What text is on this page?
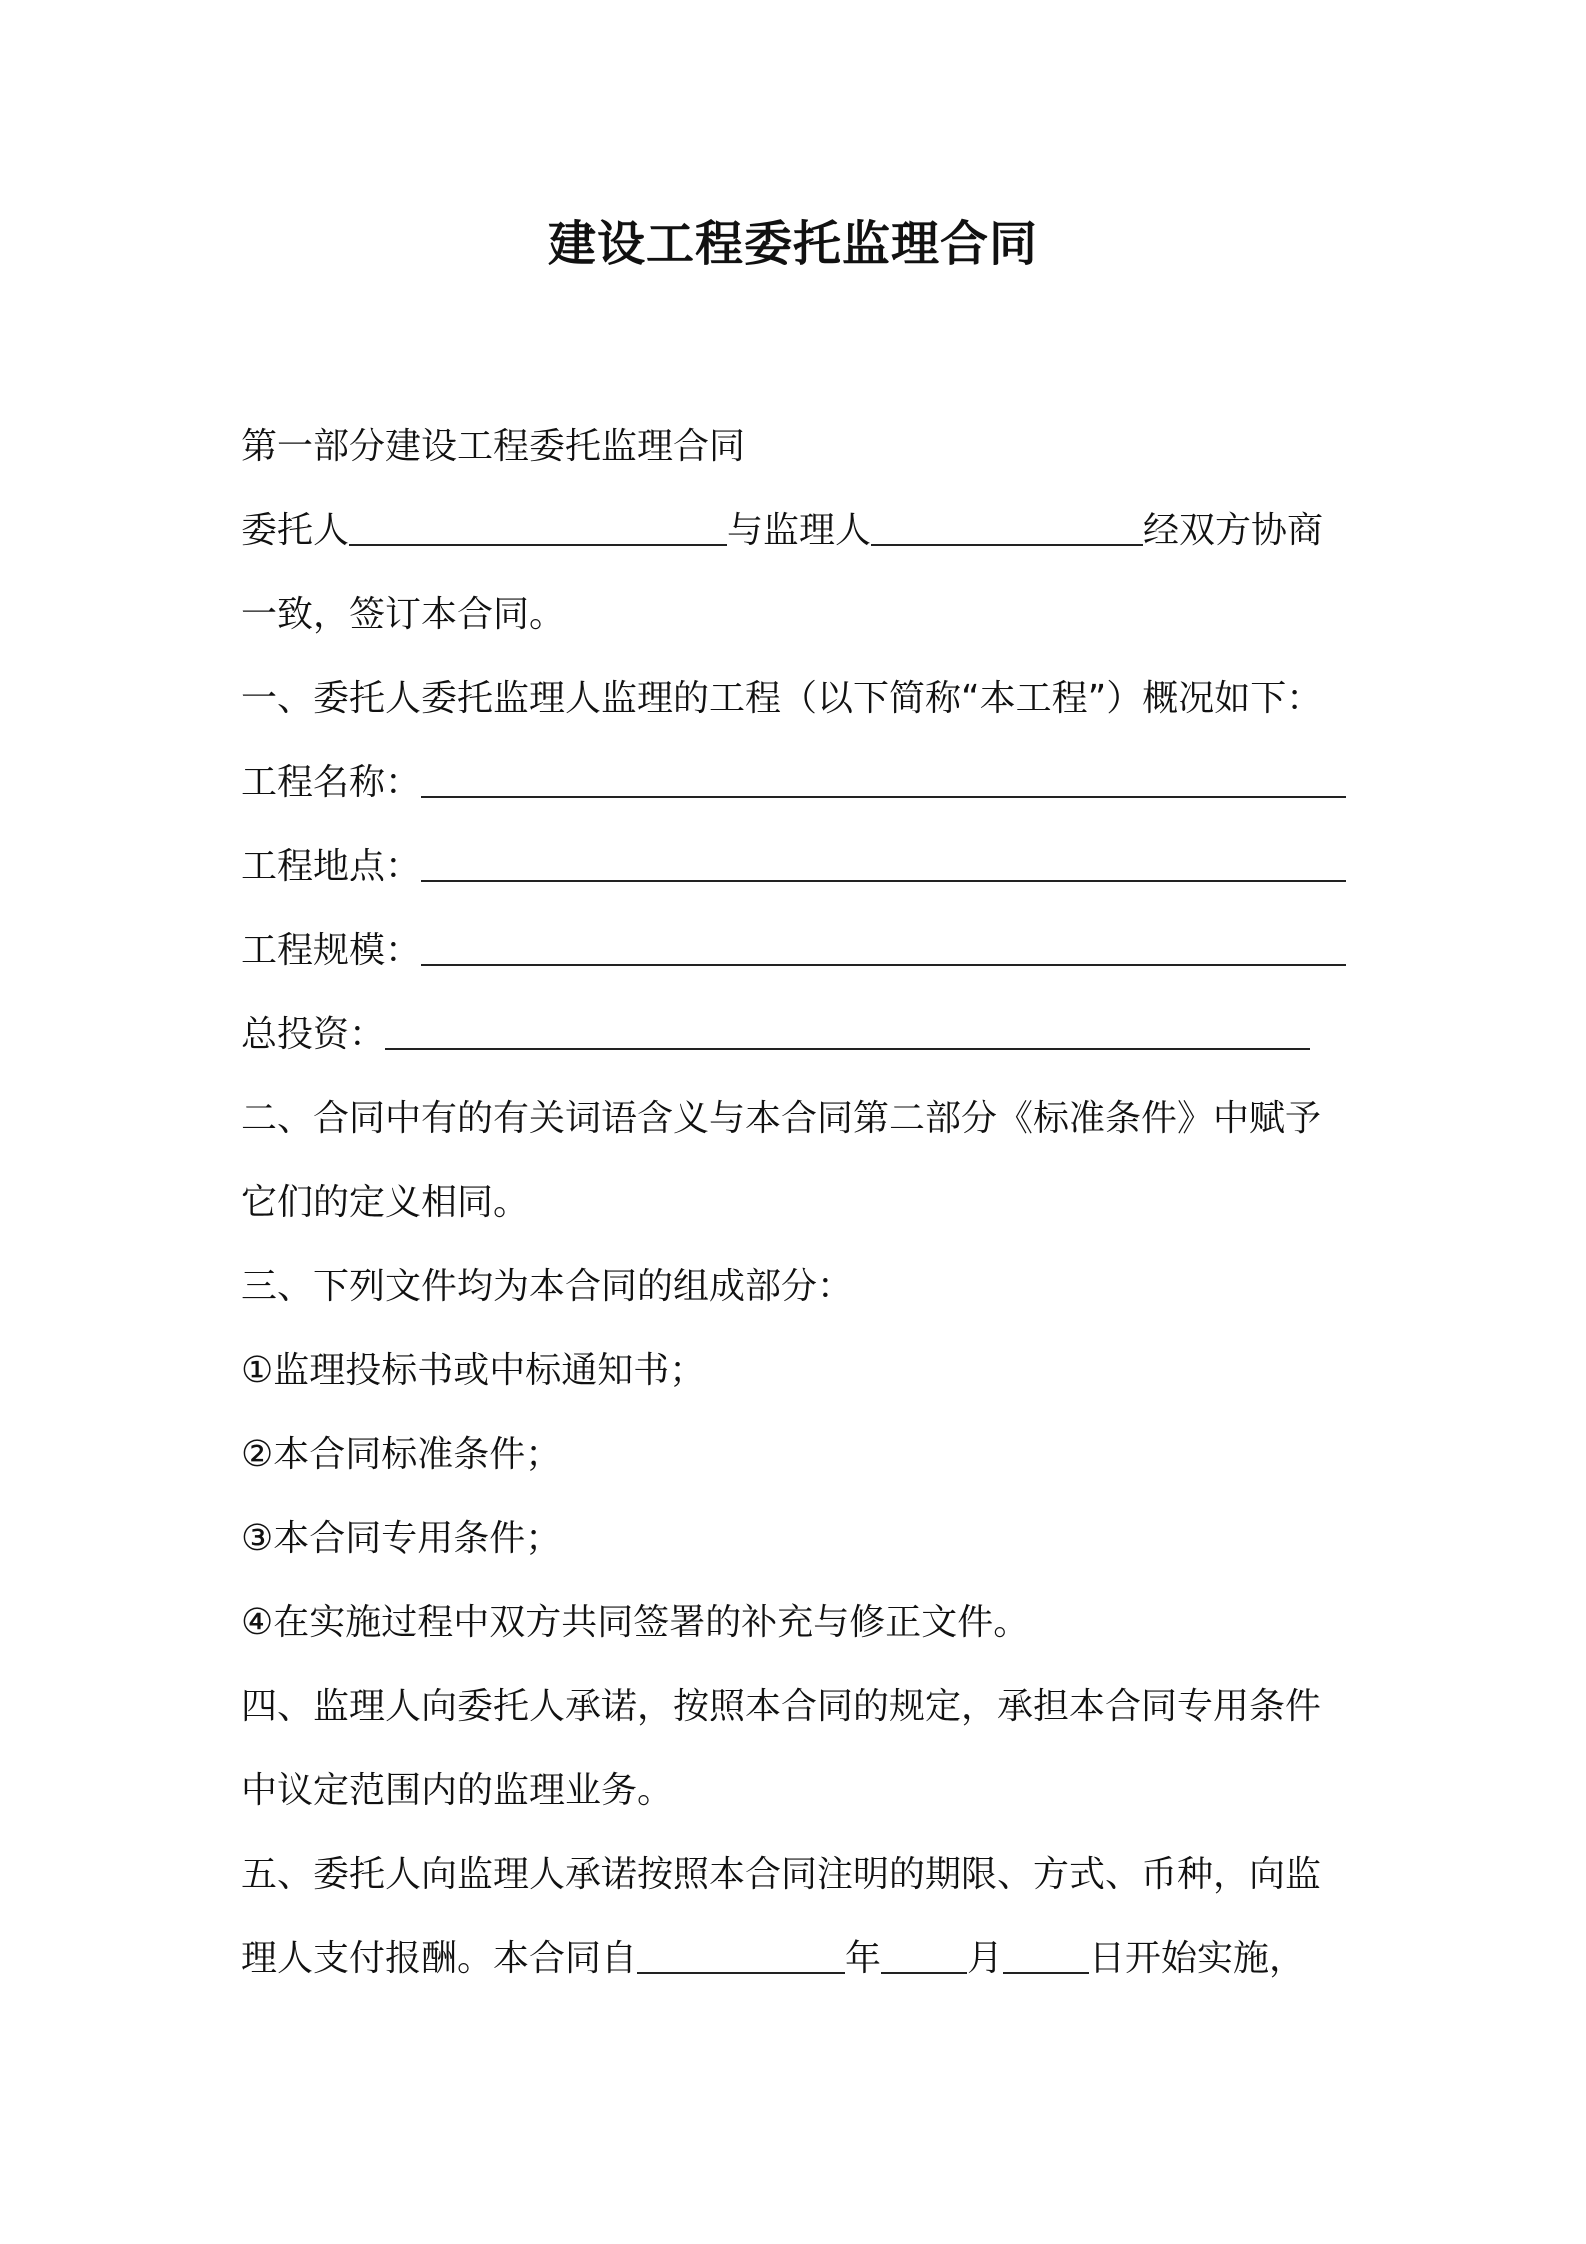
建设工程委托监理合同
第一部分建设工程委托监理合同
委托人	与监理人	经双方协商
一致，签订本合同。
一、委托人委托监理人监理的工程（以下简称“本工程”）概况如下：
工程名称：
工程地点：
工程规模：
总投资：
二、合同中有的有关词语含义与本合同第二部分《标准条件》中赋予
它们的定义相同。
三、下列文件均为本合同的组成部分：
①监理投标书或中标通知书；
②本合同标准条件；
③本合同专用条件；
④在实施过程中双方共同签署的补充与修正文件。
四、监理人向委托人承诺，按照本合同的规定，承担本合同专用条件
中议定范围内的监理业务。
五、委托人向监理人承诺按照本合同注明的期限、方式、币种，向监
理人支付报酬。本合同自	年 月 日开始实施，
